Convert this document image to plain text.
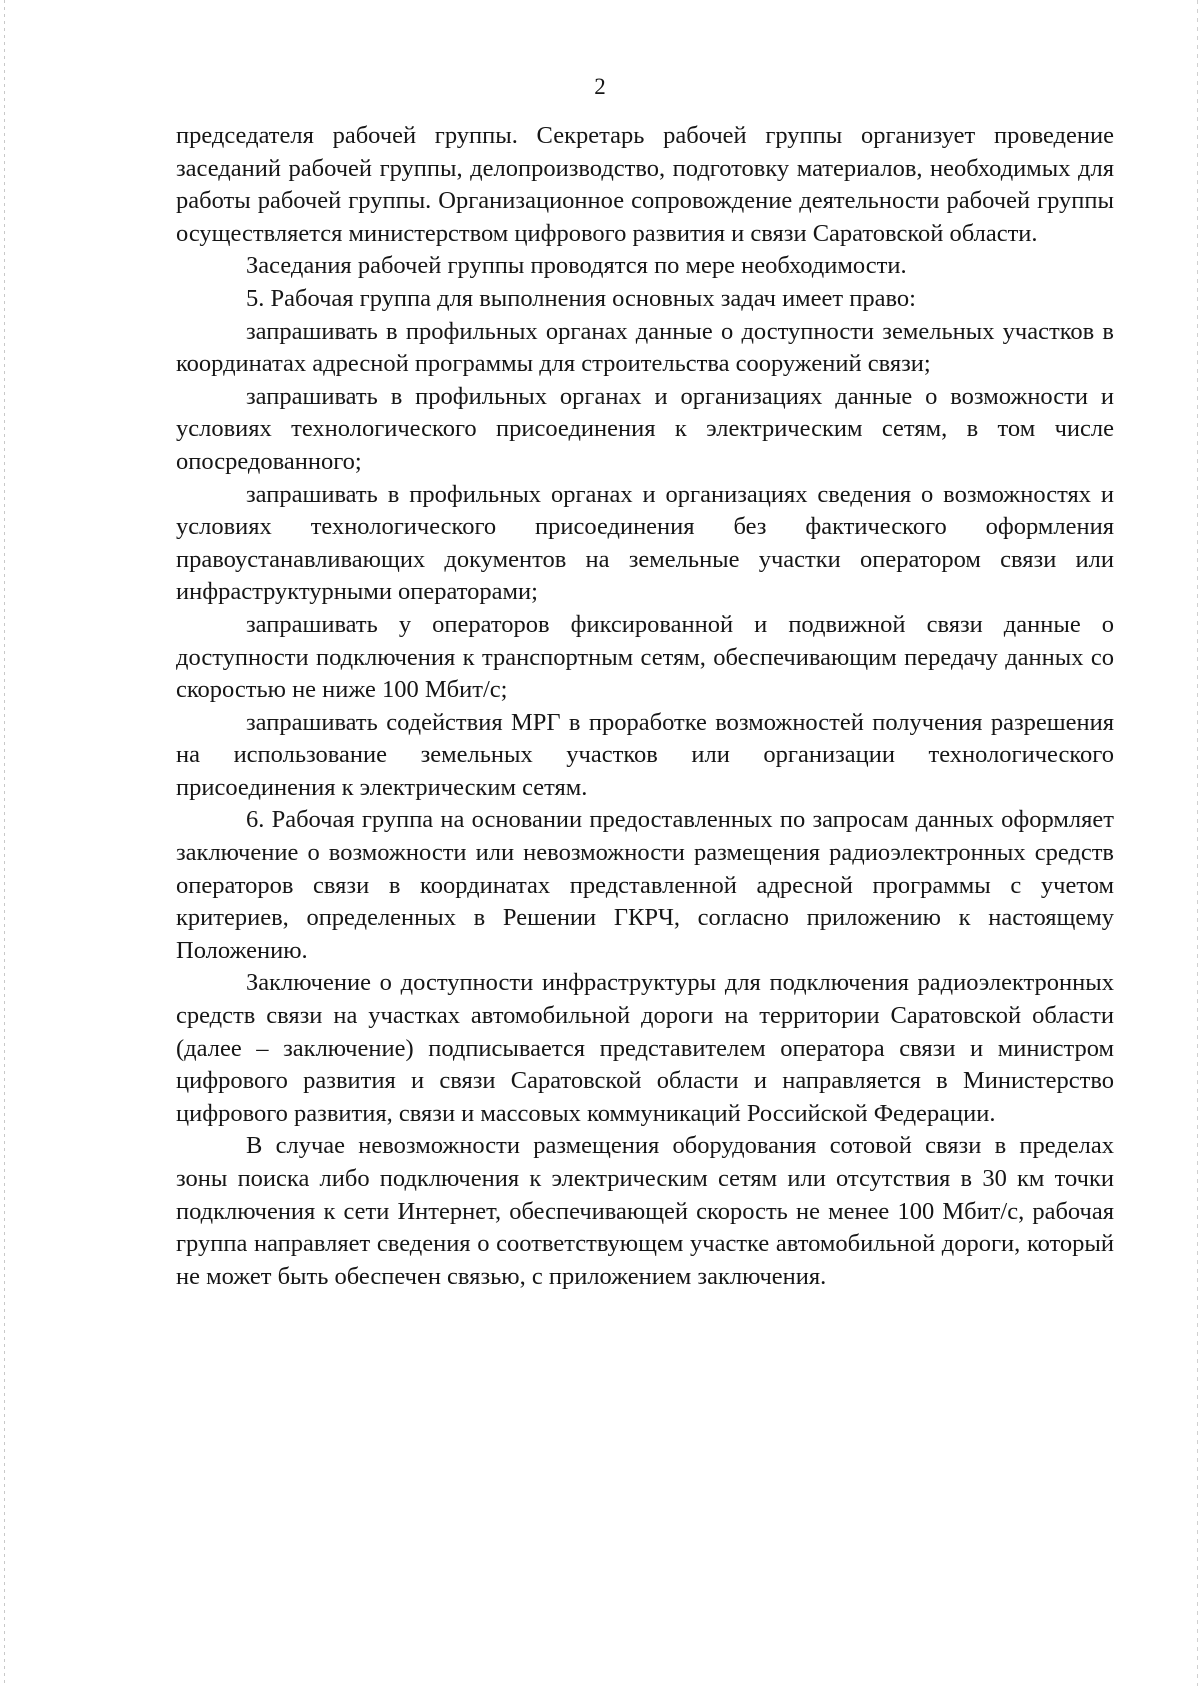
2

председателя рабочей группы. Секретарь рабочей группы организует проведение заседаний рабочей группы, делопроизводство, подготовку материалов, необходимых для работы рабочей группы. Организационное сопровождение деятельности рабочей группы осуществляется министерством цифрового развития и связи Саратовской области.

Заседания рабочей группы проводятся по мере необходимости.

5. Рабочая группа для выполнения основных задач имеет право:

запрашивать в профильных органах данные о доступности земельных участков в координатах адресной программы для строительства сооружений связи;

запрашивать в профильных органах и организациях данные о возможности и условиях технологического присоединения к электрическим сетям, в том числе опосредованного;

запрашивать в профильных органах и организациях сведения о возможностях и условиях технологического присоединения без фактического оформления правоустанавливающих документов на земельные участки оператором связи или инфраструктурными операторами;

запрашивать у операторов фиксированной и подвижной связи данные о доступности подключения к транспортным сетям, обеспечивающим передачу данных со скоростью не ниже 100 Мбит/с;

запрашивать содействия МРГ в проработке возможностей получения разрешения на использование земельных участков или организации технологического присоединения к электрическим сетям.

6. Рабочая группа на основании предоставленных по запросам данных оформляет заключение о возможности или невозможности размещения радиоэлектронных средств операторов связи в координатах представленной адресной программы с учетом критериев, определенных в Решении ГКРЧ, согласно приложению к настоящему Положению.

Заключение о доступности инфраструктуры для подключения радиоэлектронных средств связи на участках автомобильной дороги на территории Саратовской области (далее – заключение) подписывается представителем оператора связи и министром цифрового развития и связи Саратовской области и направляется в Министерство цифрового развития, связи и массовых коммуникаций Российской Федерации.

В случае невозможности размещения оборудования сотовой связи в пределах зоны поиска либо подключения к электрическим сетям или отсутствия в 30 км точки подключения к сети Интернет, обеспечивающей скорость не менее 100 Мбит/с, рабочая группа направляет сведения о соответствующем участке автомобильной дороги, который не может быть обеспечен связью, с приложением заключения.
